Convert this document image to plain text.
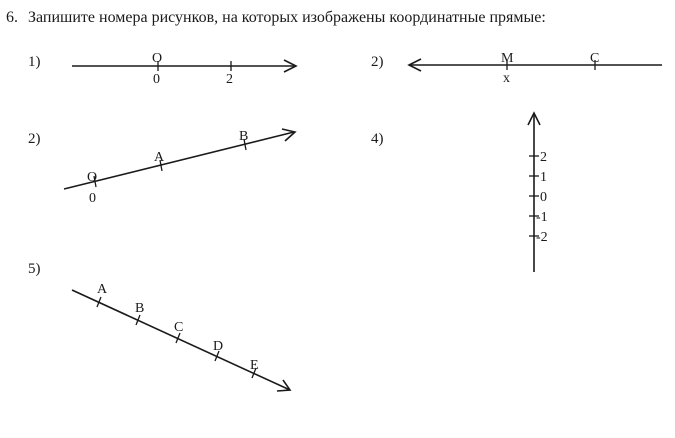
6. Запишите номера рисунков, на которых изображены координатные прямые:
1)	O
0	2
2)	M	C
x
2)
O
A
B
0
4)
2
1
0
-1
-2
5)
A
B
C
D
E
